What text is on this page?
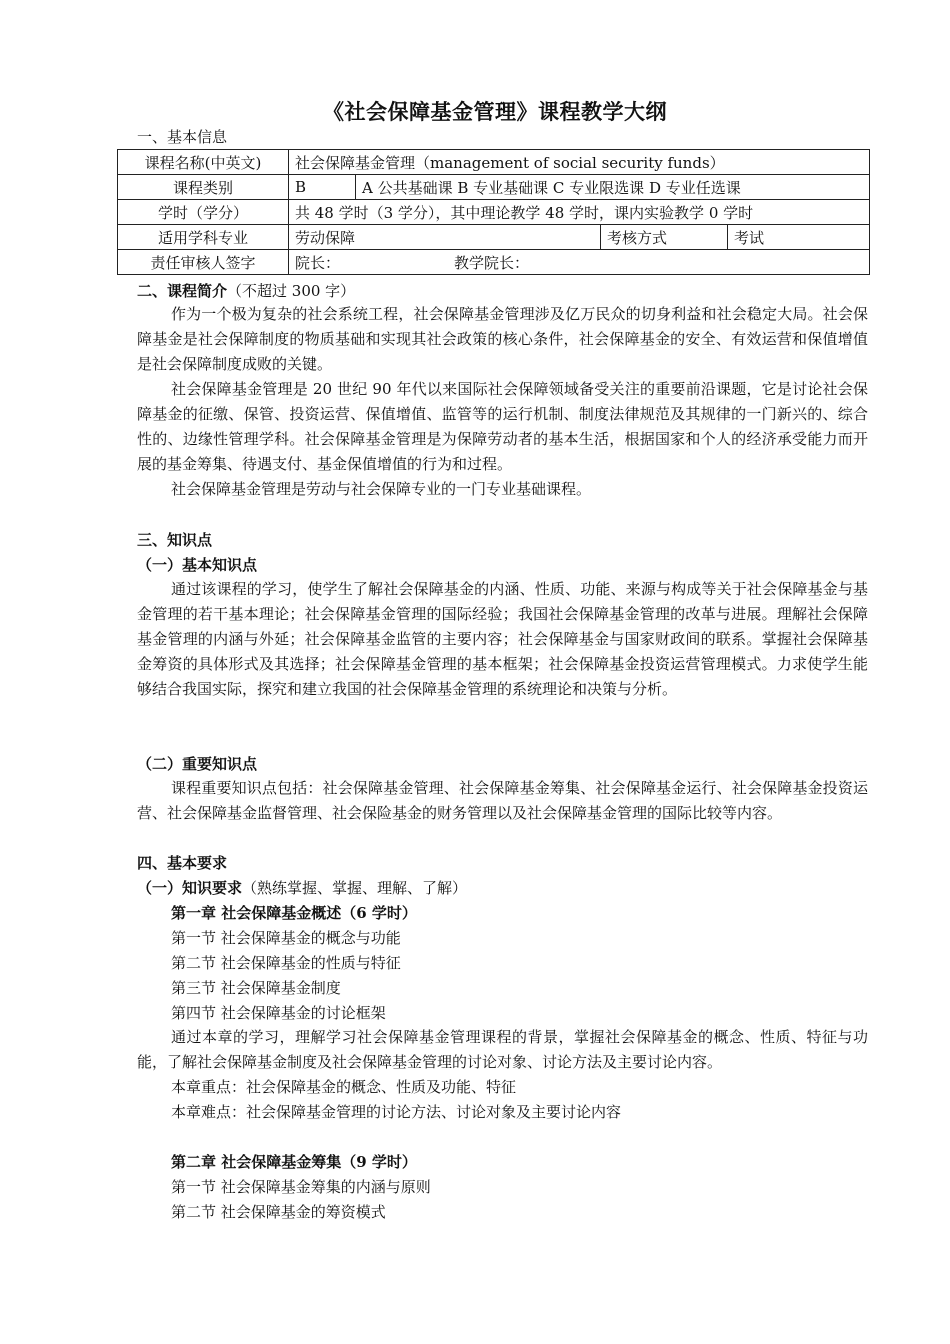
《社会保障基金管理》课程教学大纲
一、基本信息
课程名称(中英文)	社会保障基金管理（management of social security funds）			
课程类别	B	A 公共基础课 B 专业基础课 C 专业限选课 D 专业任选课		
学时（学分）	共 48 学时（3 学分），其中理论教学 48 学时，课内实验教学 0 学时			
适用学科专业	劳动保障		考核方式	考试
责任审核人签字	院长： 教学院长：			
二、课程简介（不超过 300 字）

作为一个极为复杂的社会系统工程，社会保障基金管理涉及亿万民众的切身利益和社会稳定大局。社会保障基金是社会保障制度的物质基础和实现其社会政策的核心条件，社会保障基金的安全、有效运营和保值增值是社会保障制度成败的关键。

社会保障基金管理是 20 世纪 90 年代以来国际社会保障领域备受关注的重要前沿课题，它是讨论社会保障基金的征缴、保管、投资运营、保值增值、监管等的运行机制、制度法律规范及其规律的一门新兴的、综合性的、边缘性管理学科。社会保障基金管理是为保障劳动者的基本生活，根据国家和个人的经济承受能力而开展的基金筹集、待遇支付、基金保值增值的行为和过程。

社会保障基金管理是劳动与社会保障专业的一门专业基础课程。

三、知识点
（一）基本知识点

通过该课程的学习，使学生了解社会保障基金的内涵、性质、功能、来源与构成等关于社会保障基金与基金管理的若干基本理论；社会保障基金管理的国际经验；我国社会保障基金管理的改革与进展。理解社会保障基金管理的内涵与外延；社会保障基金监管的主要内容；社会保障基金与国家财政间的联系。掌握社会保障基金筹资的具体形式及其选择；社会保障基金管理的基本框架；社会保障基金投资运营管理模式。力求使学生能够结合我国实际，探究和建立我国的社会保障基金管理的系统理论和决策与分析。

（二）重要知识点

课程重要知识点包括：社会保障基金管理、社会保障基金筹集、社会保障基金运行、社会保障基金投资运营、社会保障基金监督管理、社会保险基金的财务管理以及社会保障基金管理的国际比较等内容。

四、基本要求
（一）知识要求（熟练掌握、掌握、理解、了解）
第一章 社会保障基金概述（6 学时）
第一节 社会保障基金的概念与功能
第二节 社会保障基金的性质与特征
第三节 社会保障基金制度
第四节 社会保障基金的讨论框架

通过本章的学习，理解学习社会保障基金管理课程的背景，掌握社会保障基金的概念、性质、特征与功能，了解社会保障基金制度及社会保障基金管理的讨论对象、讨论方法及主要讨论内容。

本章重点：社会保障基金的概念、性质及功能、特征
本章难点：社会保障基金管理的讨论方法、讨论对象及主要讨论内容
第二章 社会保障基金筹集（9 学时）
第一节 社会保障基金筹集的内涵与原则
第二节 社会保障基金的筹资模式
